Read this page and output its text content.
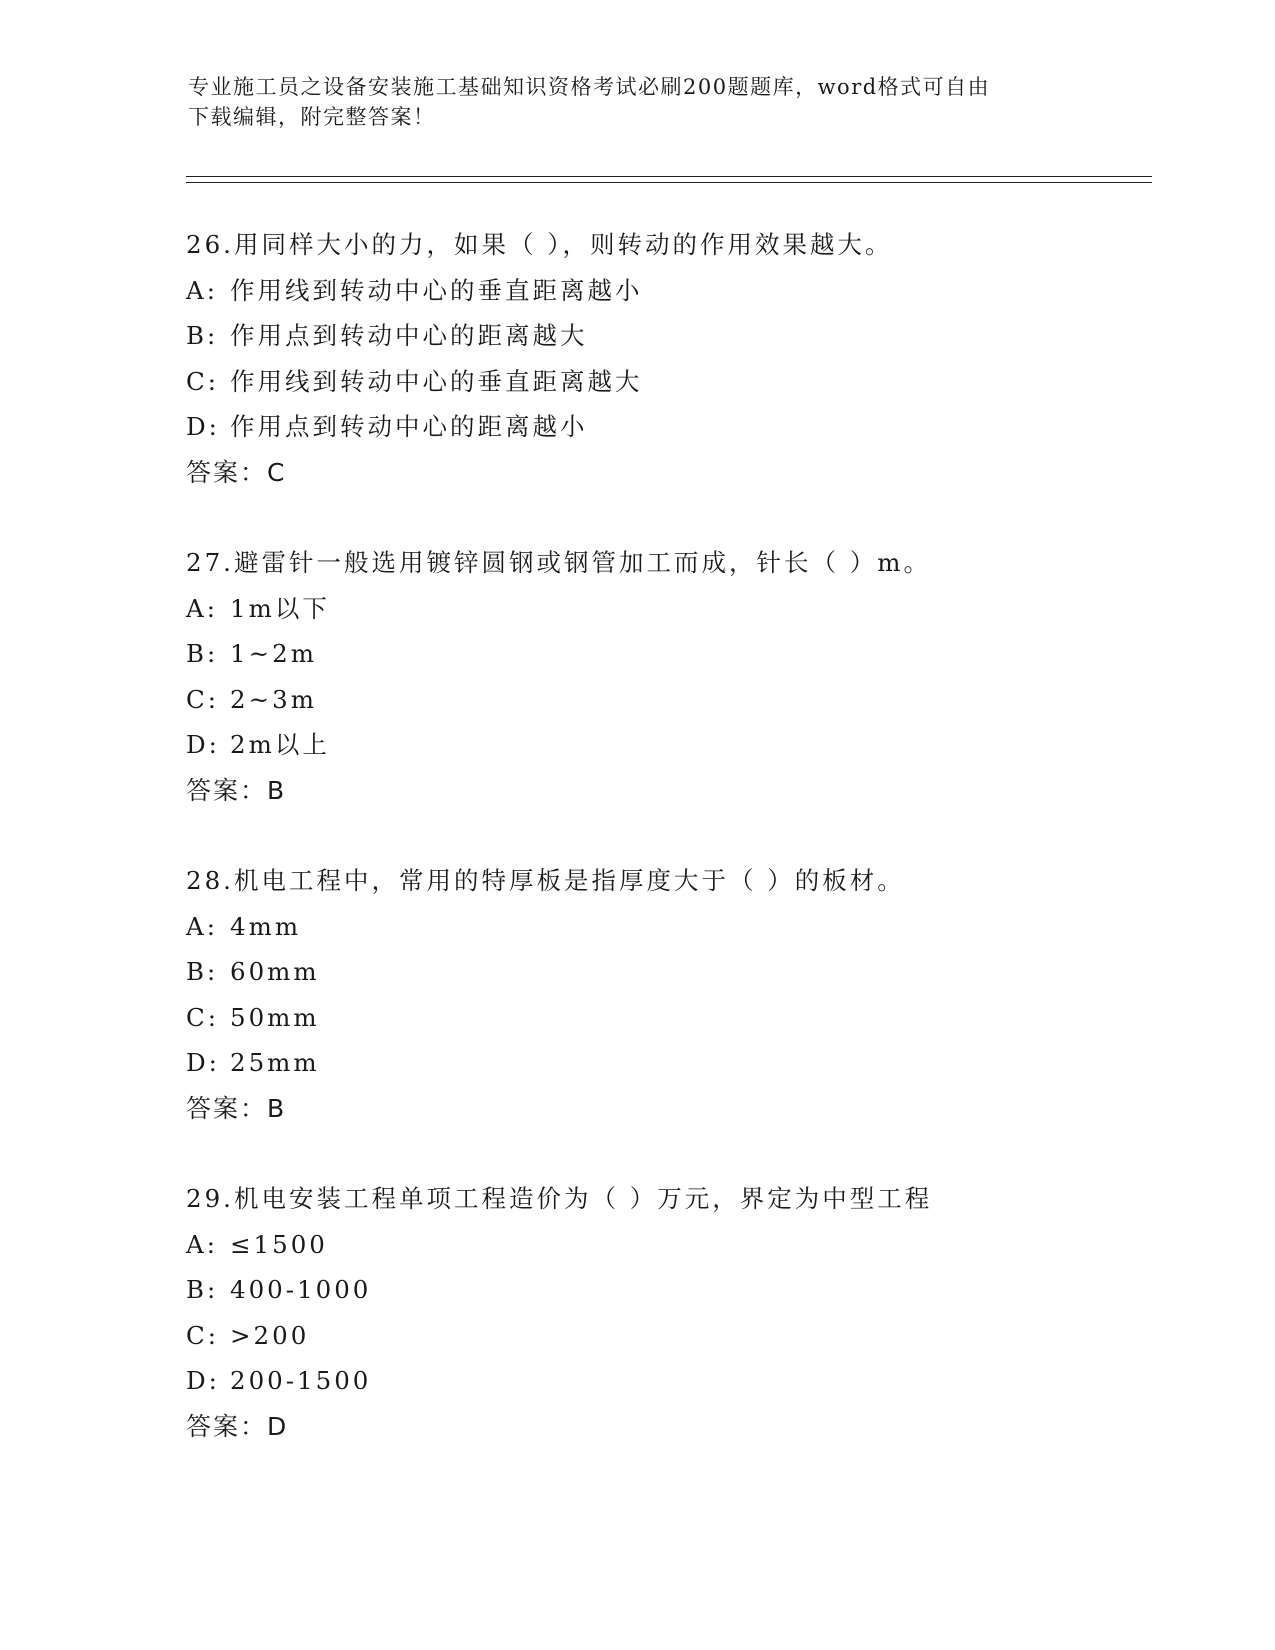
专业施工员之设备安装施工基础知识资格考试必刷200题题库，word格式可自由
下载编辑，附完整答案！
26.用同样大小的力，如果（ ），则转动的作用效果越大。
A: 作用线到转动中心的垂直距离越小
B: 作用点到转动中心的距离越大
C: 作用线到转动中心的垂直距离越大
D: 作用点到转动中心的距离越小
答案：C
27.避雷针一般选用镀锌圆钢或钢管加工而成，针长（ ）m。
A: 1m以下
B: 1~2m
C: 2~3m
D: 2m以上
答案：B
28.机电工程中，常用的特厚板是指厚度大于（ ）的板材。
A: 4mm
B: 60mm
C: 50mm
D: 25mm
答案：B
29.机电安装工程单项工程造价为（ ）万元，界定为中型工程
A: ≤1500
B: 400-1000
C: >200
D: 200-1500
答案：D
